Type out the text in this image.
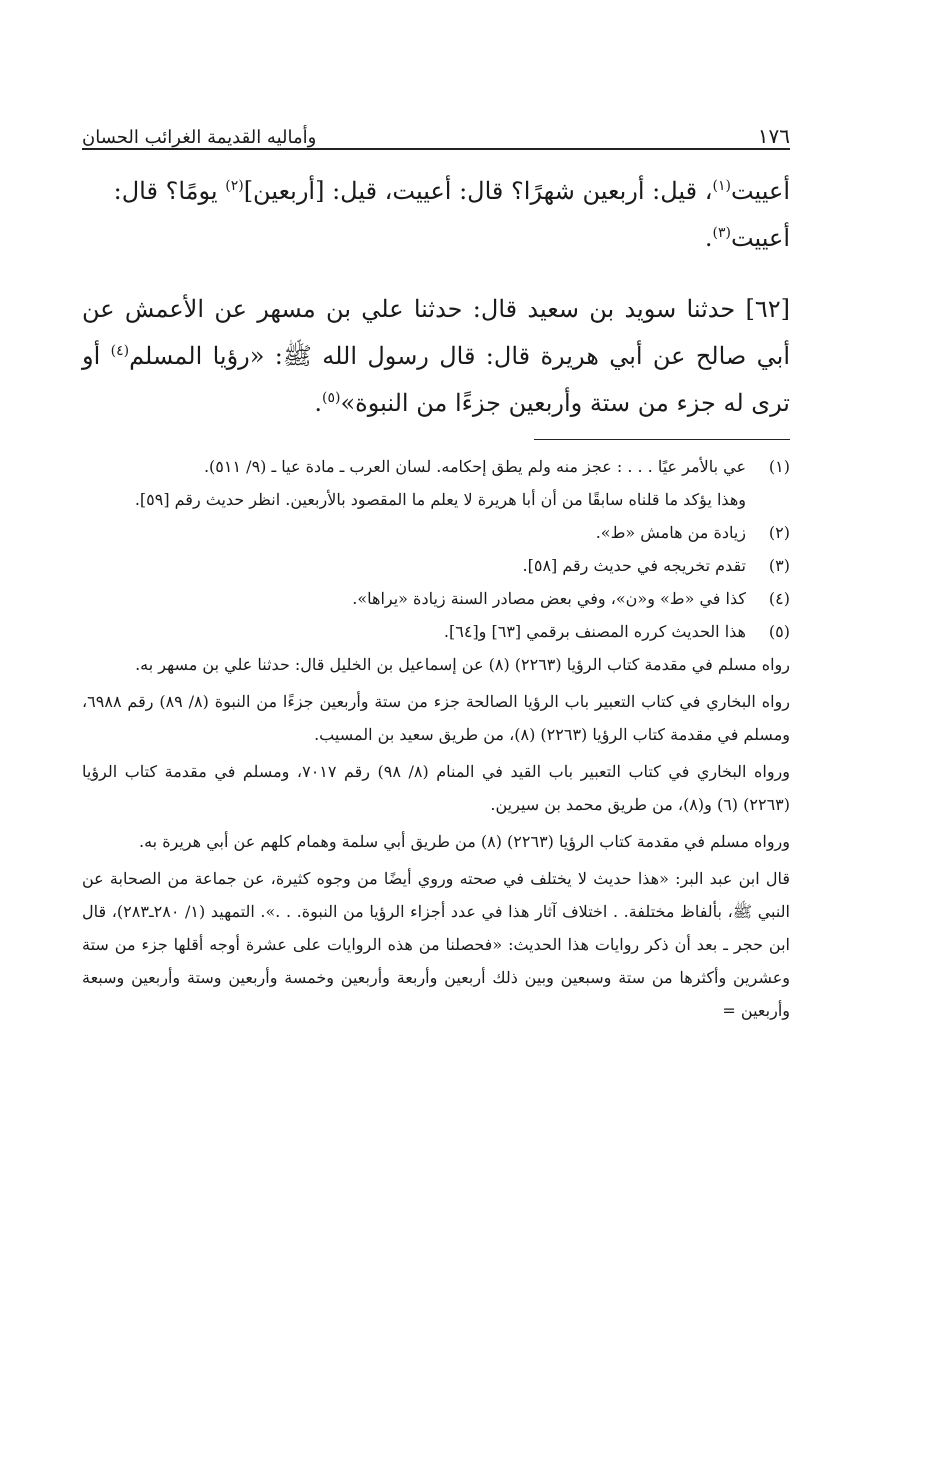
١٧٦
وأماليه القديمة الغرائب الحسان

أعييت$^{(١)}$، قيل: أربعين شهرًا؟ قال: أعييت، قيل: [أربعين]$^{(٢)}$ يومًا؟ قال:
أعييت$^{(٣)}$.

[٦٢] حدثنا سويد بن سعيد قال: حدثنا علي بن مسهر عن الأعمش عن أبي صالح عن أبي هريرة قال: قال رسول الله ﷺ: «رؤيا المسلم$^{(٤)}$ أو ترى له جزء من ستة وأربعين جزءًا من النبوة»$^{(٥)}$.

(١)
عي بالأمر عيًا . . . : عجز منه ولم يطق إحكامه. لسان العرب ـ مادة عيا ـ (٩/ ٥١١).

وهذا يؤكد ما قلناه سابقًا من أن أبا هريرة لا يعلم ما المقصود بالأربعين. انظر حديث رقم [٥٩].

(٢)
زيادة من هامش «ط».
(٣)
تقدم تخريجه في حديث رقم [٥٨].
(٤)
كذا في «ط» و«ن»، وفي بعض مصادر السنة زيادة «يراها».
(٥)
هذا الحديث كرره المصنف برقمي [٦٣] و[٦٤].

رواه مسلم في مقدمة كتاب الرؤيا (٢٢٦٣) (٨) عن إسماعيل بن الخليل قال: حدثنا علي بن مسهر به.

رواه البخاري في كتاب التعبير باب الرؤيا الصالحة جزء من ستة وأربعين جزءًا من النبوة (٨/ ٨٩) رقم ٦٩٨٨، ومسلم في مقدمة كتاب الرؤيا (٢٢٦٣) (٨)، من طريق سعيد بن المسيب.

ورواه البخاري في كتاب التعبير باب القيد في المنام (٨/ ٩٨) رقم ٧٠١٧، ومسلم في مقدمة كتاب الرؤيا (٢٢٦٣) (٦) و(٨)، من طريق محمد بن سيرين.

ورواه مسلم في مقدمة كتاب الرؤيا (٢٢٦٣) (٨) من طريق أبي سلمة وهمام كلهم عن أبي هريرة به.

قال ابن عبد البر: «هذا حديث لا يختلف في صحته وروي أيضًا من وجوه كثيرة، عن جماعة من الصحابة عن النبي ﷺ، بألفاظ مختلفة. . اختلاف آثار هذا في عدد أجزاء الرؤيا من النبوة. . .». التمهيد (١/ ٢٨٠ـ٢٨٣)، قال ابن حجر ـ بعد أن ذكر روايات هذا الحديث: «فحصلنا من هذه الروايات على عشرة أوجه أقلها جزء من ستة وعشرين وأكثرها من ستة وسبعين وبين ذلك أربعين وأربعة وأربعين وخمسة وأربعين وستة وأربعين وسبعة وأربعين =
